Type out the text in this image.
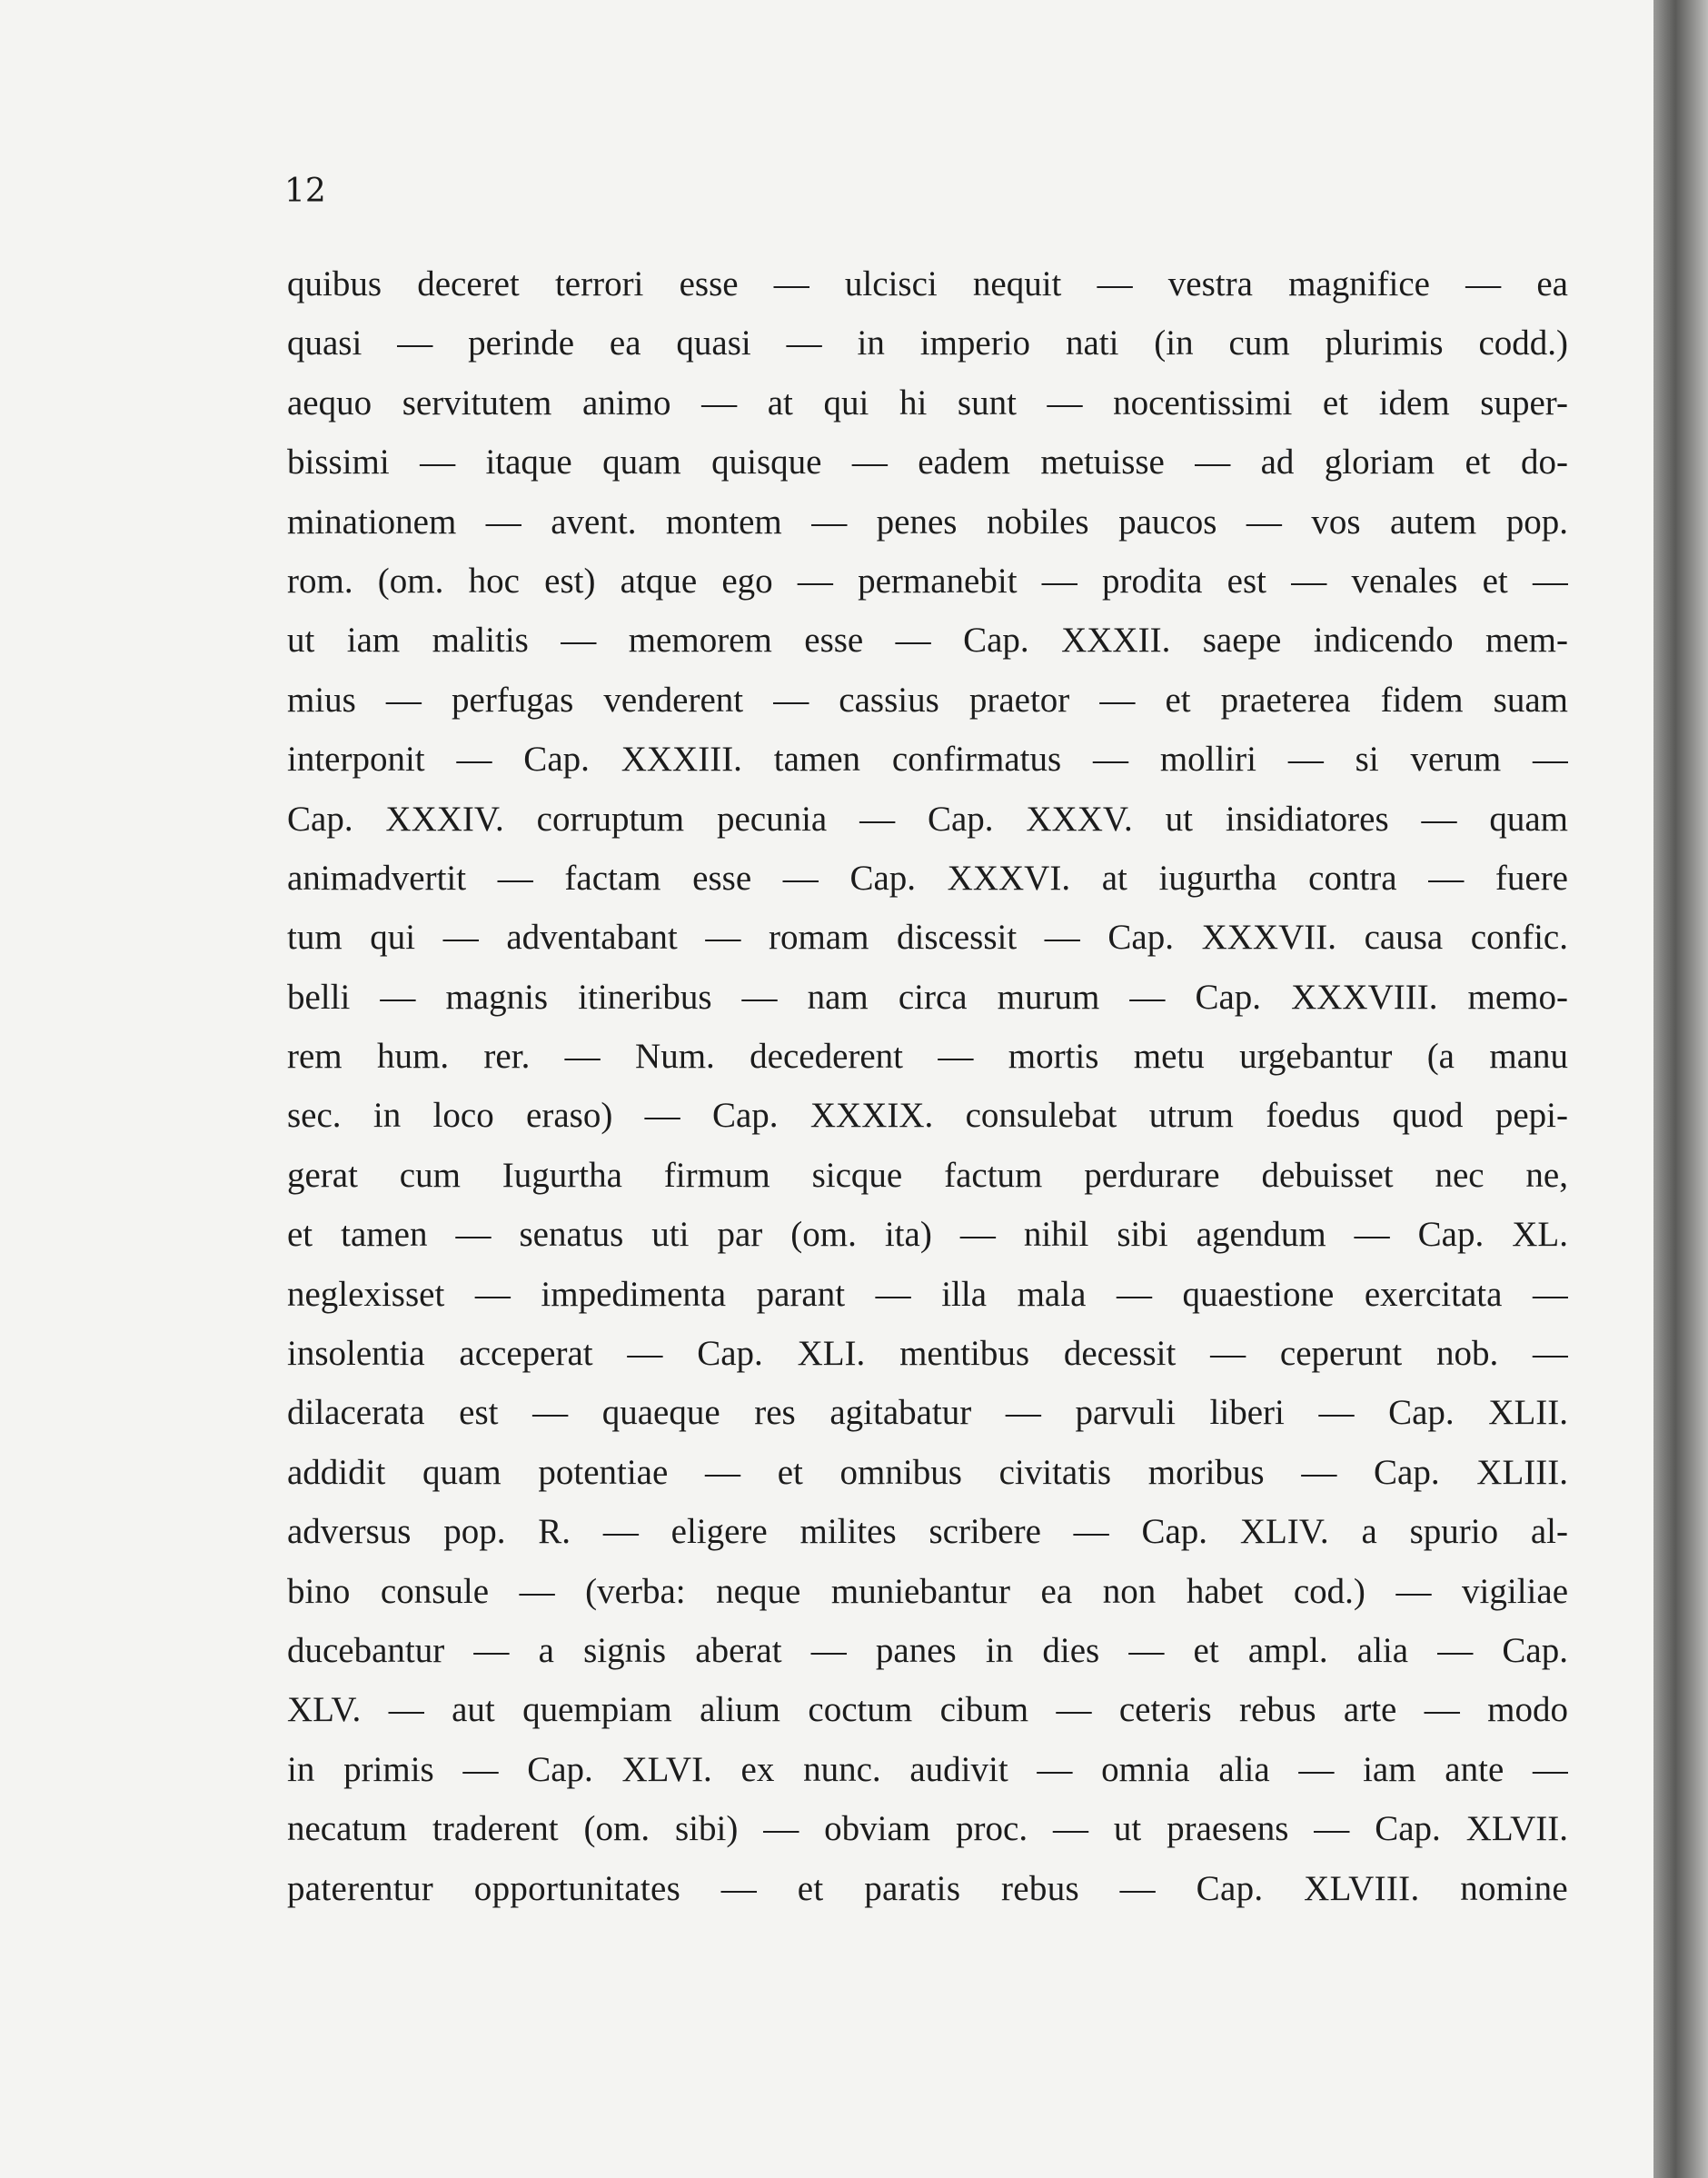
12

quibus deceret terrori esse — ulcisci nequit — vestra magnifice — ea
quasi — perinde ea quasi — in imperio nati (in cum plurimis codd.)
aequo servitutem animo — at qui hi sunt — nocentissimi et idem super-
bissimi — itaque quam quisque — eadem metuisse — ad gloriam et do-
minationem — avent. montem — penes nobiles paucos — vos autem pop.
rom. (om. hoc est) atque ego — permanebit — prodita est — venales et —
ut iam malitis — memorem esse — Cap. XXXII. saepe indicendo mem-
mius — perfugas venderent — cassius praetor — et praeterea fidem suam
interponit — Cap. XXXIII. tamen confirmatus — molliri — si verum —
Cap. XXXIV. corruptum pecunia — Cap. XXXV. ut insidiatores — quam
animadvertit — factam esse — Cap. XXXVI. at iugurtha contra — fuere
tum qui — adventabant — romam discessit — Cap. XXXVII. causa confic.
belli — magnis itineribus — nam circa murum — Cap. XXXVIII. memo-
rem hum. rer. — Num. decederent — mortis metu urgebantur (a manu
sec. in loco eraso) — Cap. XXXIX. consulebat utrum foedus quod pepi-
gerat cum Iugurtha firmum sicque factum perdurare debuisset nec ne,
et tamen — senatus uti par (om. ita) — nihil sibi agendum — Cap. XL.
neglexisset — impedimenta parant — illa mala — quaestione exercitata —
insolentia acceperat — Cap. XLI. mentibus decessit — ceperunt nob. —
dilacerata est — quaeque res agitabatur — parvuli liberi — Cap. XLII.
addidit quam potentiae — et omnibus civitatis moribus — Cap. XLIII.
adversus pop. R. — eligere milites scribere — Cap. XLIV. a spurio al-
bino consule — (verba: neque muniebantur ea non habet cod.) — vigiliae
ducebantur — a signis aberat — panes in dies — et ampl. alia — Cap.
XLV. — aut quempiam alium coctum cibum — ceteris rebus arte — modo
in primis — Cap. XLVI. ex nunc. audivit — omnia alia — iam ante —
necatum traderent (om. sibi) — obviam proc. — ut praesens — Cap. XLVII.
paterentur opportunitates — et paratis rebus — Cap. XLVIII. nomine
